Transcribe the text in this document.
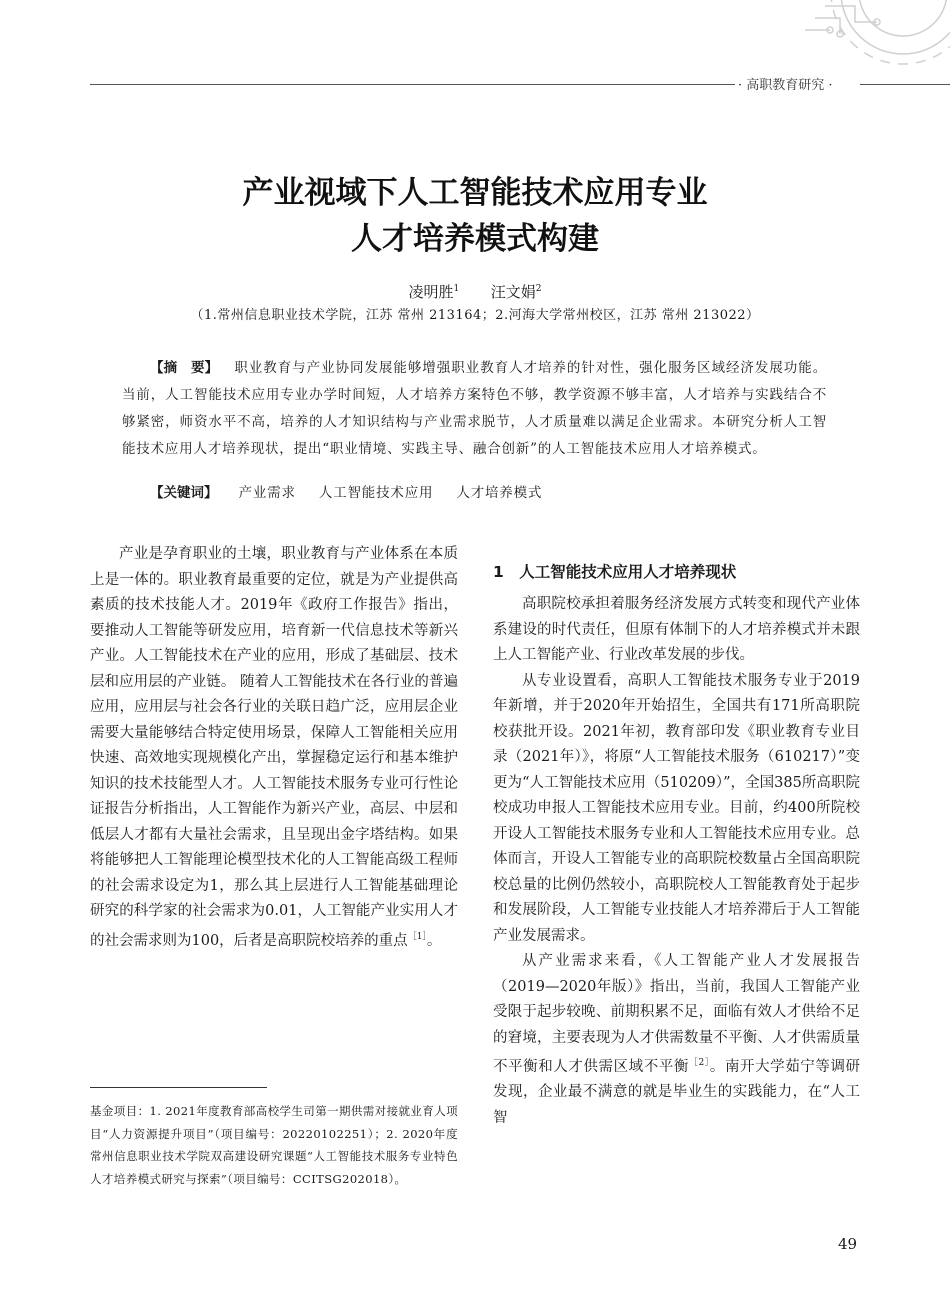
· 高职教育研究 ·
产业视域下人工智能技术应用专业
人才培养模式构建
凌明胜$^1$ 汪文娟$^2$
（1.常州信息职业技术学院，江苏 常州 213164；2.河海大学常州校区，江苏 常州 213022）
【摘　要】 职业教育与产业协同发展能够增强职业教育人才培养的针对性，强化服务区域经济发展功能。当前，人工智能技术应用专业办学时间短，人才培养方案特色不够，教学资源不够丰富，人才培养与实践结合不够紧密，师资水平不高，培养的人才知识结构与产业需求脱节，人才质量难以满足企业需求。本研究分析人工智能技术应用人才培养现状，提出“职业情境、实践主导、融合创新”的人工智能技术应用人才培养模式。
【关键词】 产业需求 人工智能技术应用 人才培养模式

产业是孕育职业的土壤，职业教育与产业体系在本质上是一体的。职业教育最重要的定位，就是为产业提供高素质的技术技能人才。2019年《政府工作报告》指出，要推动人工智能等研发应用，培育新一代信息技术等新兴产业。人工智能技术在产业的应用，形成了基础层、技术层和应用层的产业链。 随着人工智能技术在各行业的普遍应用，应用层与社会各行业的关联日趋广泛，应用层企业需要大量能够结合特定使用场景，保障人工智能相关应用快速、高效地实现规模化产出，掌握稳定运行和基本维护知识的技术技能型人才。人工智能技术服务专业可行性论证报告分析指出，人工智能作为新兴产业，高层、中层和低层人才都有大量社会需求，且呈现出金字塔结构。如果将能够把人工智能理论模型技术化的人工智能高级工程师的社会需求设定为1，那么其上层进行人工智能基础理论研究的科学家的社会需求为0.01，人工智能产业实用人才的社会需求则为100，后者是高职院校培养的重点$^{[1]}$。

1　人工智能技术应用人才培养现状

高职院校承担着服务经济发展方式转变和现代产业体系建设的时代责任，但原有体制下的人才培养模式并未跟上人工智能产业、行业改革发展的步伐。

从专业设置看，高职人工智能技术服务专业于2019年新增，并于2020年开始招生，全国共有171所高职院校获批开设。2021年初，教育部印发《职业教育专业目录（2021年）》，将原“人工智能技术服务（610217）”变更为“人工智能技术应用（510209）”，全国385所高职院校成功申报人工智能技术应用专业。目前，约400所院校开设人工智能技术服务专业和人工智能技术应用专业。总体而言，开设人工智能专业的高职院校数量占全国高职院校总量的比例仍然较小，高职院校人工智能教育处于起步和发展阶段，人工智能专业技能人才培养滞后于人工智能产业发展需求。

从产业需求来看，《人工智能产业人才发展报告（2019—2020年版）》指出，当前，我国人工智能产业受限于起步较晚、前期积累不足，面临有效人才供给不足的窘境，主要表现为人才供需数量不平衡、人才供需质量不平衡和人才供需区域不平衡$^{[2]}$。南开大学茹宁等调研发现，企业最不满意的就是毕业生的实践能力，在“人工智

基金项目：1. 2021年度教育部高校学生司第一期供需对接就业育人项目“人力资源提升项目”（项目编号：20220102251）；2. 2020年度常州信息职业技术学院双高建设研究课题“人工智能技术服务专业特色人才培养模式研究与探索”（项目编号：CCITSG202018）。
49
